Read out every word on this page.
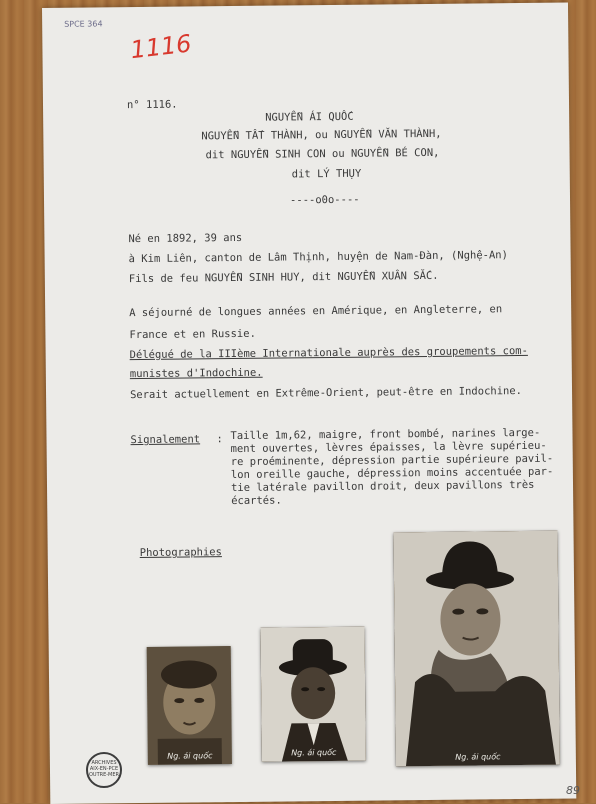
SPCE 364
1116
n° 1116.
NGUYỄN ÁI QUỐC
NGUYỄN TẤT THÀNH, ou NGUYỄN VĂN THÀNH,
dit NGUYỄN SINH CON ou NGUYỄN BÉ CON,
dit LÝ THỤY
----o0o----
Né en 1892, 39 ans
à Kim Liên, canton de Lâm Thịnh, huyện de Nam-Đàn, (Nghệ-An)
Fils de feu NGUYỄN SINH HUY, dit NGUYỄN XUÂN SẮC.
A séjourné de longues années en Amérique, en Angleterre, en
France et en Russie.
Délégué de la IIIème Internationale auprès des groupements com-
munistes d'Indochine.
Serait actuellement en Extrême-Orient, peut-être en Indochine.
Signalement : Taille 1m,62, maigre, front bombé, narines large-
ment ouvertes, lèvres épaisses, la lèvre supérieu-
re proéminente, dépression partie supérieure pavil-
lon oreille gauche, dépression moins accentuée par-
tie latérale pavillon droit, deux pavillons très
écartés.
Photographies
Ng. ái quốc	Ng. ái quốc	Ng. ái quốc
ARCHIVES AIX-EN-PCE OUTRE-MER
89
